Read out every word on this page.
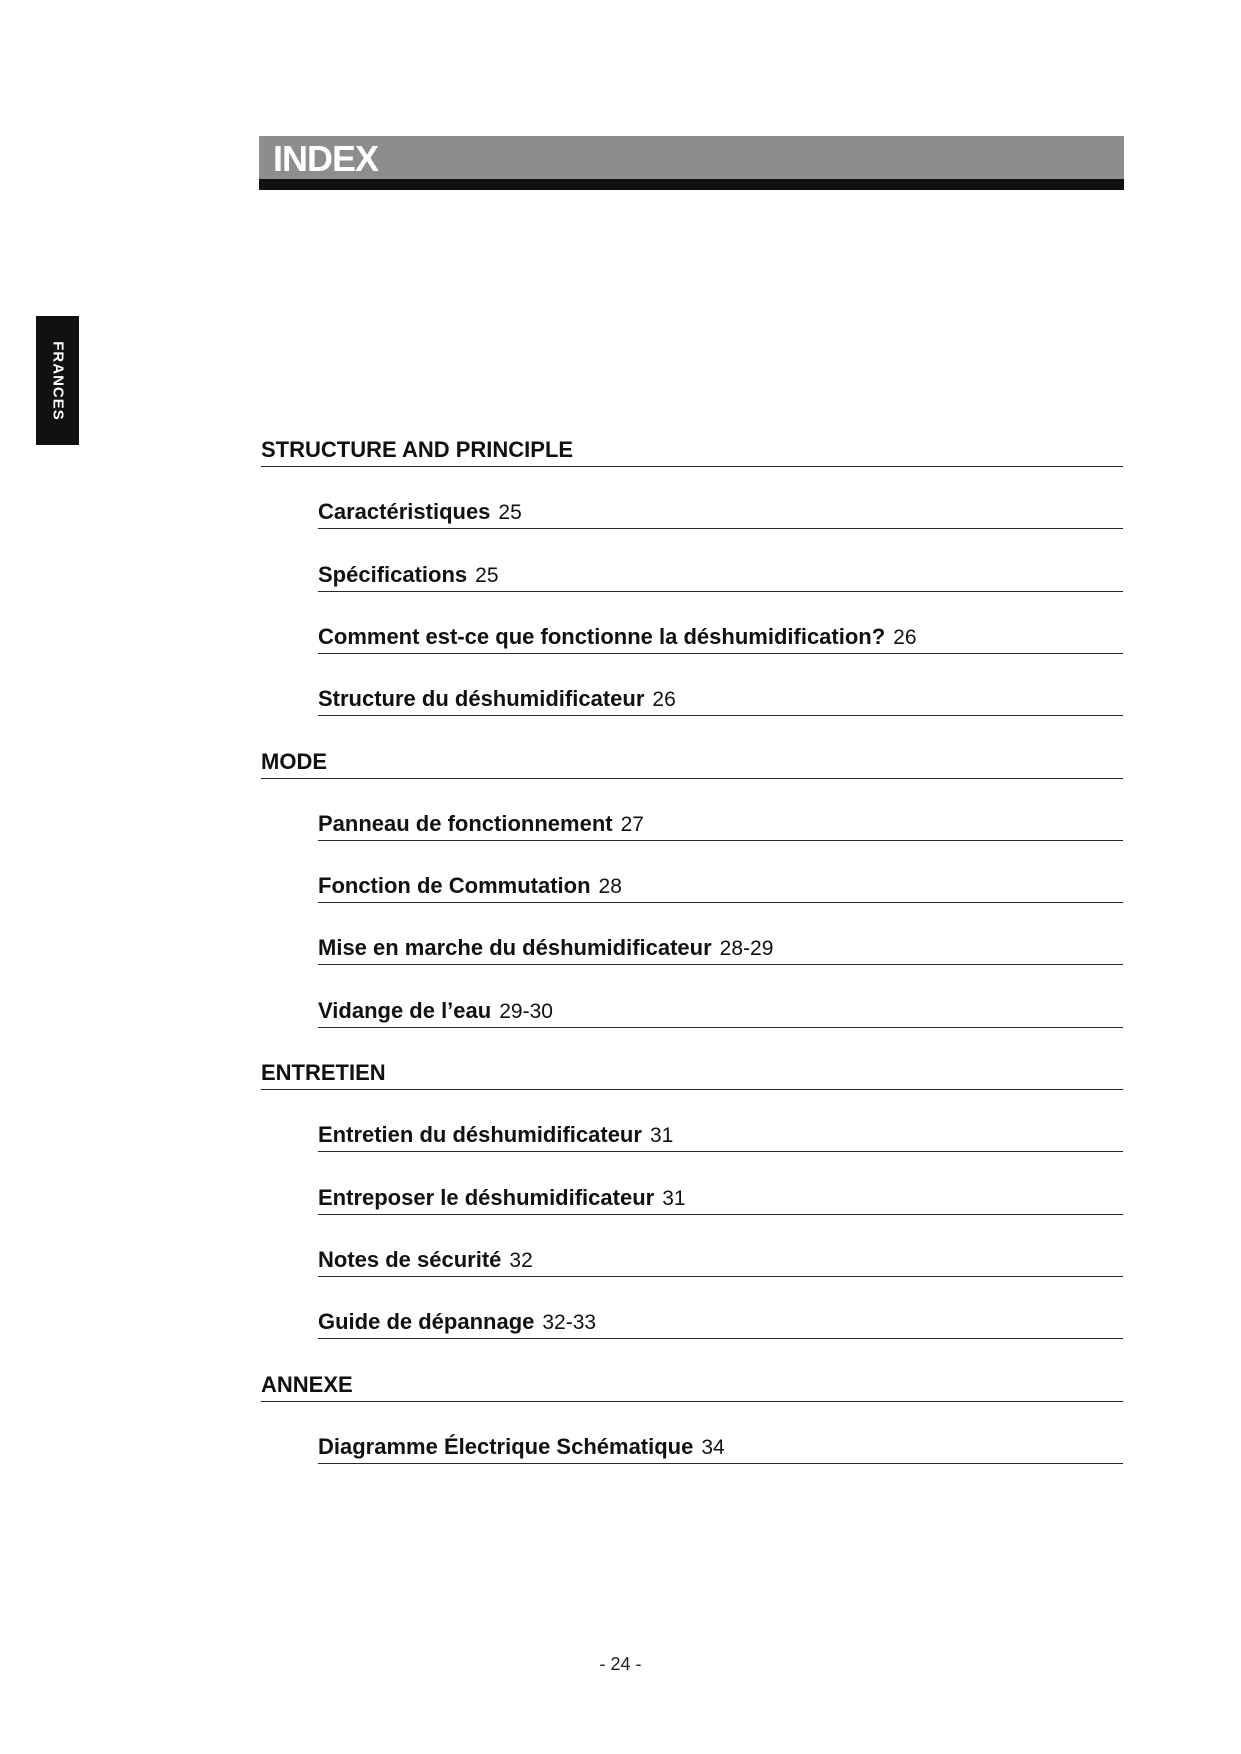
INDEX
FRANCES
STRUCTURE AND PRINCIPLE
Caractéristiques 25
Spécifications 25
Comment est-ce que fonctionne la déshumidification? 26
Structure du déshumidificateur 26
MODE
Panneau de fonctionnement 27
Fonction de Commutation 28
Mise en marche du déshumidificateur 28-29
Vidange de l’eau 29-30
ENTRETIEN
Entretien du déshumidificateur 31
Entreposer le déshumidificateur 31
Notes de sécurité 32
Guide de dépannage 32-33
ANNEXE
Diagramme Électrique Schématique 34
- 24 -
